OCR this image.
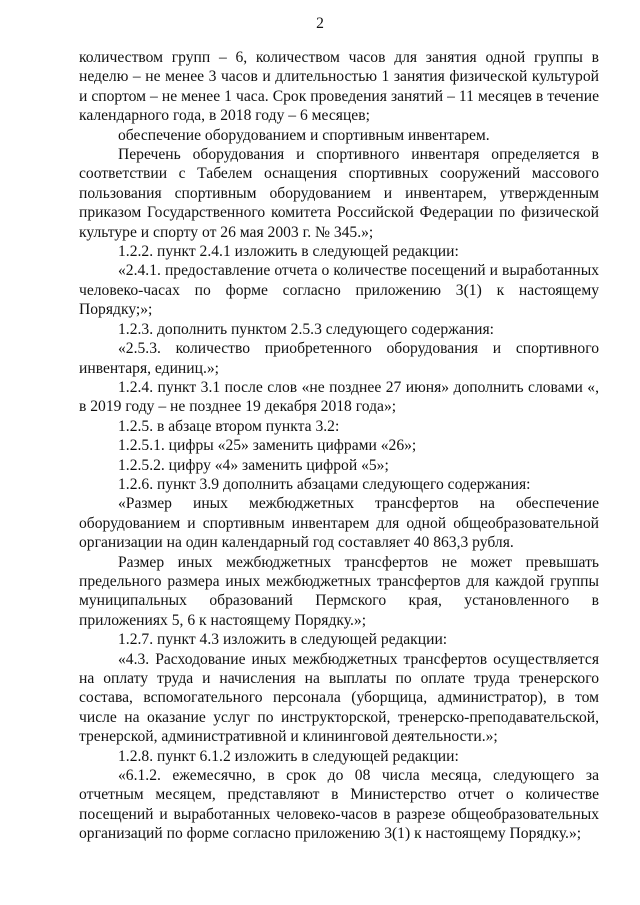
2

количеством групп – 6, количеством часов для занятия одной группы в неделю – не менее 3 часов и длительностью 1 занятия физической культурой и спортом – не менее 1 часа. Срок проведения занятий – 11 месяцев в течение календарного года, в 2018 году – 6 месяцев;

обеспечение оборудованием и спортивным инвентарем.

Перечень оборудования и спортивного инвентаря определяется в соответствии с Табелем оснащения спортивных сооружений массового пользования спортивным оборудованием и инвентарем, утвержденным приказом Государственного комитета Российской Федерации по физической культуре и спорту от 26 мая 2003 г. № 345.»;

1.2.2. пункт 2.4.1 изложить в следующей редакции:

«2.4.1. предоставление отчета о количестве посещений и выработанных человеко-часах по форме согласно приложению 3(1) к настоящему Порядку;»;

1.2.3. дополнить пунктом 2.5.3 следующего содержания:

«2.5.3. количество приобретенного оборудования и спортивного инвентаря, единиц.»;

1.2.4. пункт 3.1 после слов «не позднее 27 июня» дополнить словами «, в 2019 году – не позднее 19 декабря 2018 года»;

1.2.5. в абзаце втором пункта 3.2:

1.2.5.1. цифры «25» заменить цифрами «26»;

1.2.5.2. цифру «4» заменить цифрой «5»;

1.2.6. пункт 3.9 дополнить абзацами следующего содержания:

«Размер иных межбюджетных трансфертов на обеспечение оборудованием и спортивным инвентарем для одной общеобразовательной организации на один календарный год составляет 40 863,3 рубля.

Размер иных межбюджетных трансфертов не может превышать предельного размера иных межбюджетных трансфертов для каждой группы муниципальных образований Пермского края, установленного в приложениях 5, 6 к настоящему Порядку.»;

1.2.7. пункт 4.3 изложить в следующей редакции:

«4.3. Расходование иных межбюджетных трансфертов осуществляется на оплату труда и начисления на выплаты по оплате труда тренерского состава, вспомогательного персонала (уборщица, администратор), в том числе на оказание услуг по инструкторской, тренерско-преподавательской, тренерской, административной и клининговой деятельности.»;

1.2.8. пункт 6.1.2 изложить в следующей редакции:

«6.1.2. ежемесячно, в срок до 08 числа месяца, следующего за отчетным месяцем, представляют в Министерство отчет о количестве посещений и выработанных человеко-часов в разрезе общеобразовательных организаций по форме согласно приложению 3(1) к настоящему Порядку.»;
